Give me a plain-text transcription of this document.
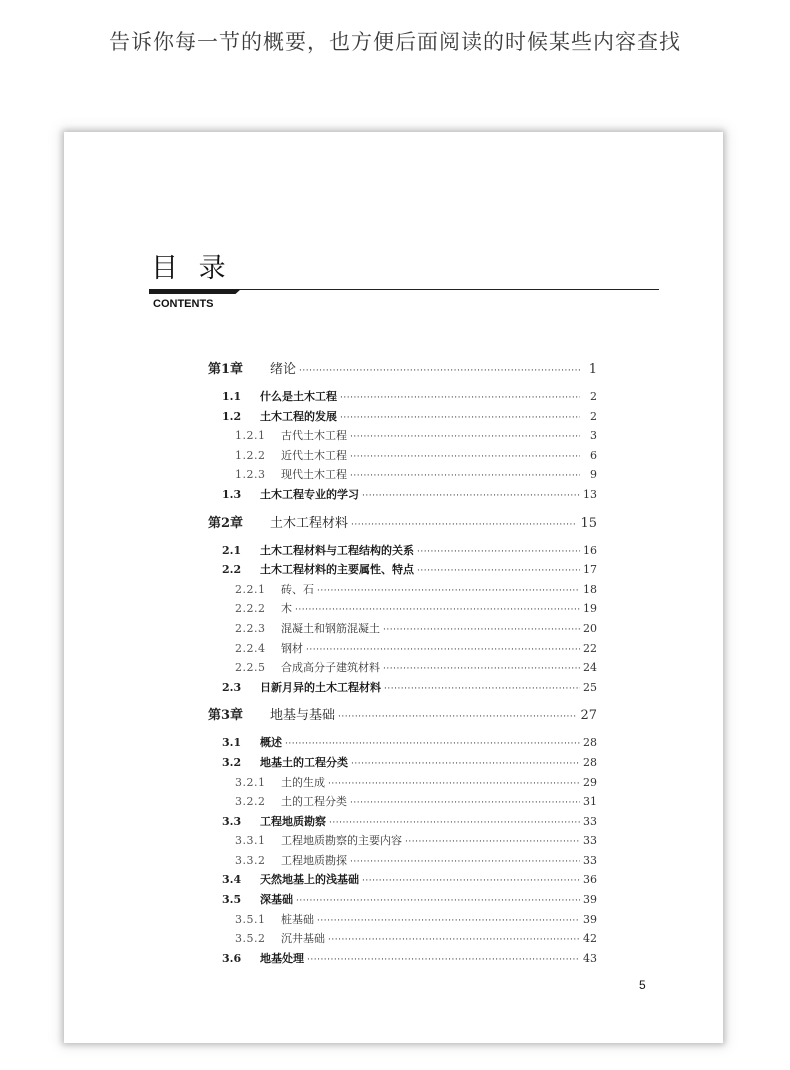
告诉你每一节的概要，也方便后面阅读的时候某些内容查找
目 录
CONTENTS
第1章	绪论 ·····	1
1.1	什么是土木工程 ·····	2
1.2	土木工程的发展 ·····	2
1.2.1	古代土木工程 ·····	3
1.2.2	近代土木工程 ·····	6
1.2.3	现代土木工程 ·····	9
1.3	土木工程专业的学习 ·····	13
第2章	土木工程材料 ·····	15
2.1	土木工程材料与工程结构的关系 ·····	16
2.2	土木工程材料的主要属性、特点 ·····	17
2.2.1	砖、石 ·····	18
2.2.2	木 ·····	19
2.2.3	混凝土和钢筋混凝土 ·····	20
2.2.4	钢材 ·····	22
2.2.5	合成高分子建筑材料 ·····	24
2.3	日新月异的土木工程材料 ·····	25
第3章	地基与基础 ·····	27
3.1	概述 ·····	28
3.2	地基土的工程分类 ·····	28
3.2.1	土的生成 ·····	29
3.2.2	土的工程分类 ·····	31
3.3	工程地质勘察 ·····	33
3.3.1	工程地质勘察的主要内容 ·····	33
3.3.2	工程地质勘探 ·····	33
3.4	天然地基上的浅基础 ·····	36
3.5	深基础 ·····	39
3.5.1	桩基础 ·····	39
3.5.2	沉井基础 ·····	42
3.6	地基处理 ·····	43
5
